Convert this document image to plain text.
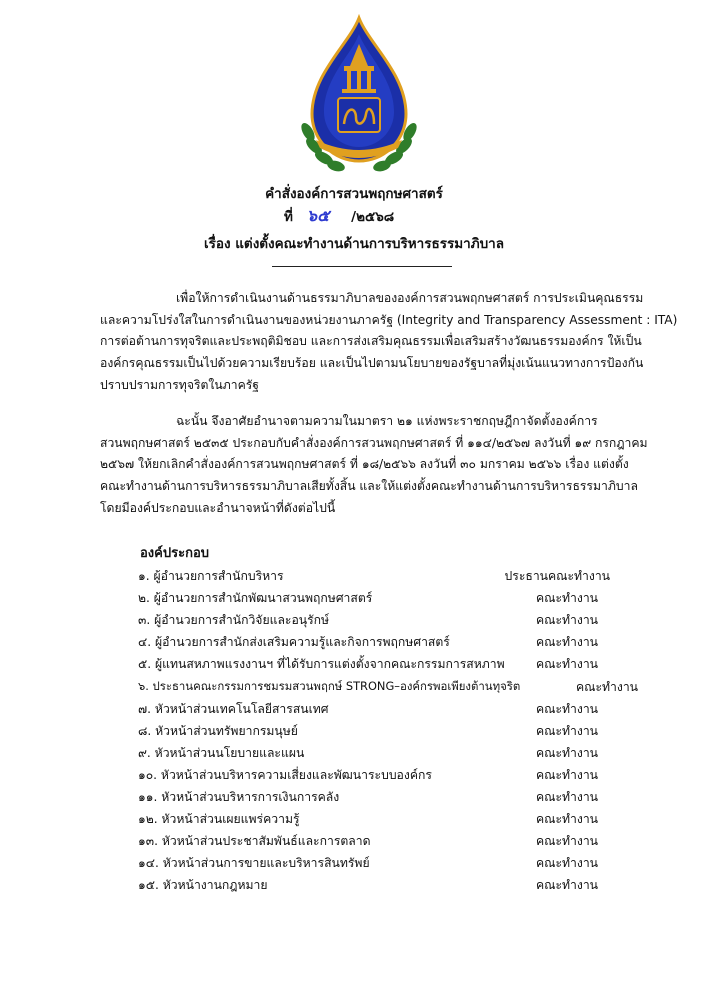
คำสั่งองค์การสวนพฤกษศาสตร์
ที่ ๖๕ /๒๕๖๘
เรื่อง แต่งตั้งคณะทำงานด้านการบริหารธรรมาภิบาล
เพื่อให้การดำเนินงานด้านธรรมาภิบาลขององค์การสวนพฤกษศาสตร์ การประเมินคุณธรรม
และความโปร่งใสในการดำเนินงานของหน่วยงานภาครัฐ (Integrity and Transparency Assessment : ITA)
การต่อต้านการทุจริตและประพฤติมิชอบ และการส่งเสริมคุณธรรมเพื่อเสริมสร้างวัฒนธรรมองค์กร ให้เป็น
องค์กรคุณธรรมเป็นไปด้วยความเรียบร้อย และเป็นไปตามนโยบายของรัฐบาลที่มุ่งเน้นแนวทางการป้องกัน
ปราบปรามการทุจริตในภาครัฐ
ฉะนั้น จึงอาศัยอำนาจตามความในมาตรา ๒๑ แห่งพระราชกฤษฎีกาจัดตั้งองค์การ
สวนพฤกษศาสตร์ ๒๕๓๕ ประกอบกับคำสั่งองค์การสวนพฤกษศาสตร์ ที่ ๑๑๔/๒๕๖๗ ลงวันที่ ๑๙ กรกฎาคม
๒๕๖๗ ให้ยกเลิกคำสั่งองค์การสวนพฤกษศาสตร์ ที่ ๑๘/๒๕๖๖ ลงวันที่ ๓๐ มกราคม ๒๕๖๖ เรื่อง แต่งตั้ง
คณะทำงานด้านการบริหารธรรมาภิบาลเสียทั้งสิ้น และให้แต่งตั้งคณะทำงานด้านการบริหารธรรมาภิบาล
โดยมีองค์ประกอบและอำนาจหน้าที่ดังต่อไปนี้
องค์ประกอบ
๑. ผู้อำนวยการสำนักบริหาร	ประธานคณะทำงาน
๒. ผู้อำนวยการสำนักพัฒนาสวนพฤกษศาสตร์	คณะทำงาน
๓. ผู้อำนวยการสำนักวิจัยและอนุรักษ์	คณะทำงาน
๔. ผู้อำนวยการสำนักส่งเสริมความรู้และกิจการพฤกษศาสตร์	คณะทำงาน
๕. ผู้แทนสหภาพแรงงานฯ ที่ได้รับการแต่งตั้งจากคณะกรรมการสหภาพ	คณะทำงาน
๖. ประธานคณะกรรมการชมรมสวนพฤกษ์ STRONG–องค์กรพอเพียงต้านทุจริต	คณะทำงาน
๗. หัวหน้าส่วนเทคโนโลยีสารสนเทศ	คณะทำงาน
๘. หัวหน้าส่วนทรัพยากรมนุษย์	คณะทำงาน
๙. หัวหน้าส่วนนโยบายและแผน	คณะทำงาน
๑๐. หัวหน้าส่วนบริหารความเสี่ยงและพัฒนาระบบองค์กร	คณะทำงาน
๑๑. หัวหน้าส่วนบริหารการเงินการคลัง	คณะทำงาน
๑๒. หัวหน้าส่วนเผยแพร่ความรู้	คณะทำงาน
๑๓. หัวหน้าส่วนประชาสัมพันธ์และการตลาด	คณะทำงาน
๑๔. หัวหน้าส่วนการขายและบริหารสินทรัพย์	คณะทำงาน
๑๕. หัวหน้างานกฎหมาย	คณะทำงาน
